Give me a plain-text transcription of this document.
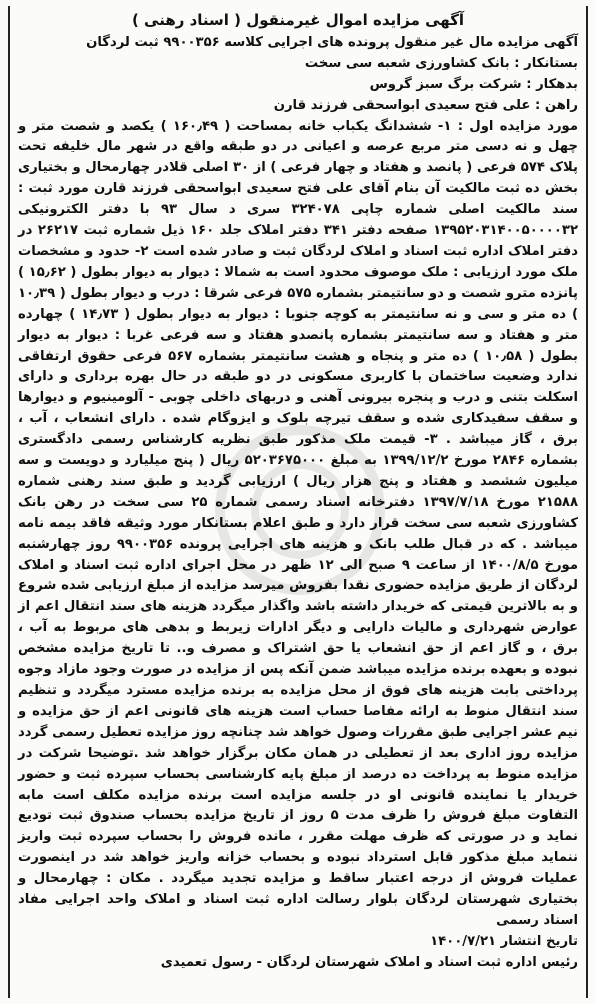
آگهی مزایده اموال غیرمنقول ( اسناد رهنی )
آگهی مزایده مال غیر منقول پرونده های اجرایی کلاسه ۹۹۰۰۳۵۶ ثبت لردگان
بستانکار : بانک کشاورزی شعبه سی سخت
بدهکار : شرکت برگ سبز گروس
راهن : علی فتح سعیدی ابواسحقی فرزند قارن
مورد مزایده اول : ۱- ششدانگ یکباب خانه بمساحت ( ۱۶۰٫۴۹ ) یکصد و شصت متر و چهل و نه دسی متر مربع عرصه و اعیانی در دو طبقه واقع در شهر مال خلیفه تحت پلاک ۵۷۴ فرعی ( پانصد و هفتاد و چهار فرعی ) از ۳۰ اصلی قلادر چهارمحال و بختیاری بخش ده ثبت مالکیت آن بنام آقای علی فتح سعیدی ابواسحقی فرزند قارن مورد ثبت : سند مالکیت اصلی شماره چاپی ۳۲۴۰۷۸ سری د سال ۹۳ با دفتر الکترونیکی ۱۳۹۵۲۰۳۱۴۰۰۵۰۰۰۰۳۲ صفحه دفتر ۳۴۱ دفتر املاک جلد ۱۶۰ ذیل شماره ثبت ۲۶۲۱۷ در دفتر املاک اداره ثبت اسناد و املاک لردگان ثبت و صادر شده است ۲- حدود و مشخصات ملک مورد ارزیابی : ملک موصوف محدود است به شمالا : دیوار به دیوار بطول ( ۱۵٫۶۲ ) پانزده مترو شصت و دو سانتیمتر بشماره ۵۷۵ فرعی شرقا : درب و دیوار بطول ( ۱۰٫۳۹ ) ده متر و سی و نه سانتیمتر به کوچه جنوبا : دیوار به دیوار بطول ( ۱۴٫۷۳ ) چهارده متر و هفتاد و سه سانتیمتر بشماره پانصدو هفتاد و سه فرعی غربا : دیوار به دیوار بطول ( ۱۰٫۵۸ ) ده متر و پنجاه و هشت سانتیمتر بشماره ۵۶۷ فرعی حقوق ارتفاقی ندارد وضعیت ساختمان با کاربری مسکونی در دو طبقه در حال بهره برداری و دارای اسکلت بتنی و درب و پنجره بیرونی آهنی و دربهای داخلی چوبی - آلومینیوم و دیوارها و سقف سفیدکاری شده و سقف تیرچه بلوک و ایزوگام شده . دارای انشعاب ، آب ، برق ، گاز میباشد . ۳- قیمت ملک مذکور طبق نظریه کارشناس رسمی دادگستری بشماره ۲۸۴۶ مورخ ۱۳۹۹/۱۲/۲ به مبلغ ۵۲۰۳۶۷۵۰۰۰ ریال ( پنج میلیارد و دویست و سه میلیون ششصد و هفتاد و پنج هزار ریال ) ارزیابی گردید و طبق سند رهنی شماره ۲۱۵۸۸ مورخ ۱۳۹۷/۷/۱۸ دفترخانه اسناد رسمی شماره ۲۵ سی سخت در رهن بانک کشاورزی شعبه سی سخت قرار دارد و طبق اعلام بستانکار مورد وثیقه فاقد بیمه نامه میباشد . که در قبال طلب بانک و هزینه های اجرایی پرونده ۹۹۰۰۳۵۶ روز چهارشنبه مورخ ۱۴۰۰/۸/۵ از ساعت ۹ صبح الی ۱۲ ظهر در محل اجرای اداره ثبت اسناد و املاک لردگان از طریق مزایده حضوری نقدا بفروش میرسد مزایده از مبلغ ارزیابی شده شروع و به بالاترین قیمتی که خریدار داشته باشد واگذار میگردد هزینه های سند انتقال اعم از عوارض شهرداری و مالیات دارایی و دیگر ادارات زیربط و بدهی های مربوط به آب ، برق ، و گاز اعم از حق انشعاب یا حق اشتراک و مصرف و.. تا تاریخ مزایده مشخص نبوده و بعهده برنده مزایده میباشد ضمن آنکه پس از مزایده در صورت وجود مازاد وجوه پرداختی بابت هزینه های فوق از محل مزایده به برنده مزایده مسترد میگردد و تنظیم سند انتقال منوط به ارائه مفاصا حساب است هزینه های قانونی اعم از حق مزایده و نیم عشر اجرایی طبق مقررات وصول خواهد شد چنانچه روز مزایده تعطیل رسمی گردد مزایده روز اداری بعد از تعطیلی در همان مکان برگزار خواهد شد .توضیحا شرکت در مزایده منوط به پرداخت ده درصد از مبلغ پایه کارشناسی بحساب سپرده ثبت و حضور خریدار یا نماینده قانونی او در جلسه مزایده است برنده مزایده مکلف است مابه التفاوت مبلغ فروش را ظرف مدت ۵ روز از تاریخ مزایده بحساب صندوق ثبت تودیع نماید و در صورتی که ظرف مهلت مقرر ، مانده فروش را بحساب سپرده ثبت واریز ننماید مبلغ مذکور قابل استرداد نبوده و بحساب خزانه واریز خواهد شد در اینصورت عملیات فروش از درجه اعتبار ساقط و مزایده تجدید میگردد . مکان : چهارمحال و بختیاری شهرستان لردگان بلوار رسالت اداره ثبت اسناد و املاک واحد اجرایی مفاد اسناد رسمی
تاریخ انتشار ۱۴۰۰/۷/۲۱
رئیس اداره ثبت اسناد و املاک شهرستان لردگان - رسول تعمیدی
